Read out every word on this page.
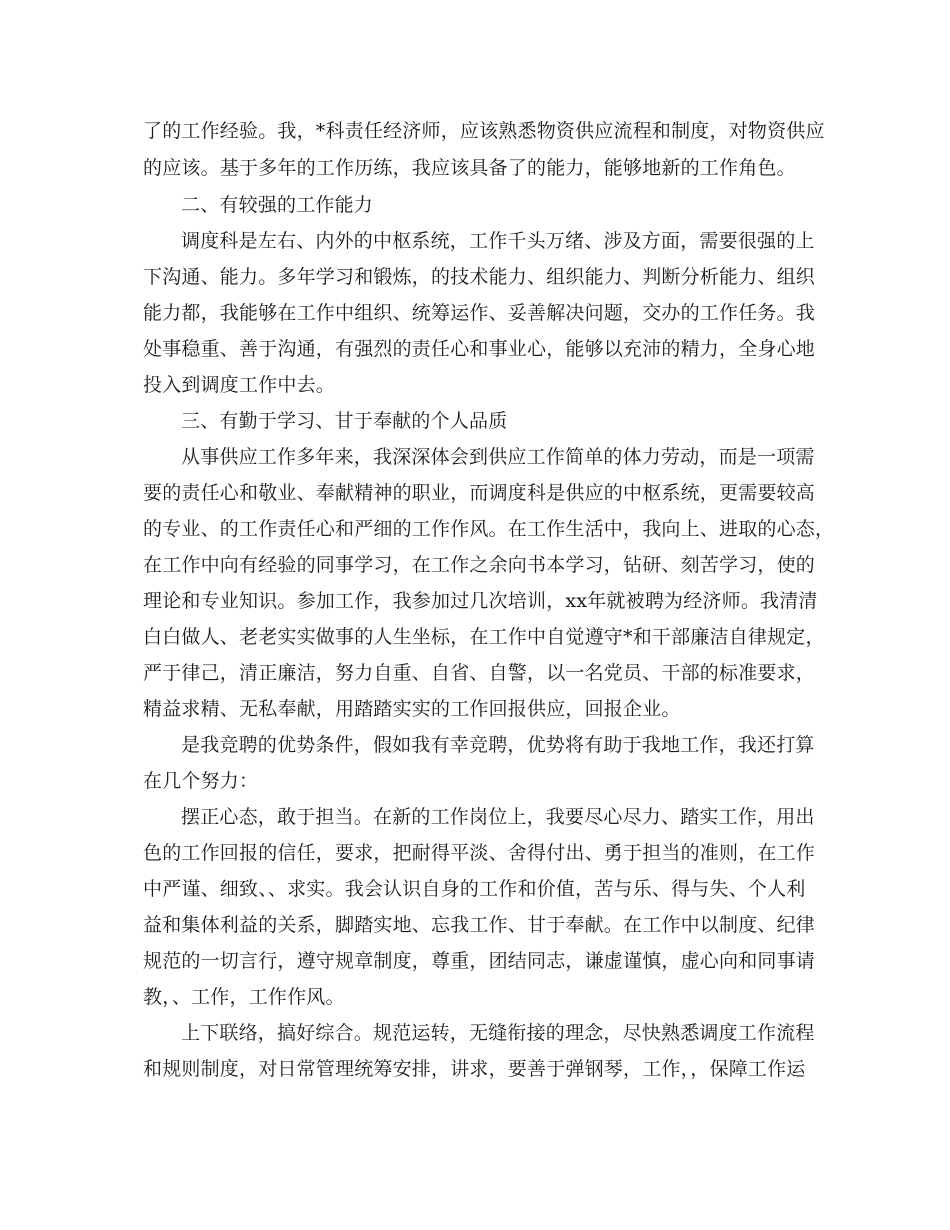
了的工作经验。我，*科责任经济师，应该熟悉物资供应流程和制度，对物资供应
的应该。基于多年的工作历练，我应该具备了的能力，能够地新的工作角色。
二、有较强的工作能力
调度科是左右、内外的中枢系统，工作千头万绪、涉及方面，需要很强的上
下沟通、能力。多年学习和锻炼，的技术能力、组织能力、判断分析能力、组织
能力都，我能够在工作中组织、统筹运作、妥善解决问题，交办的工作任务。我
处事稳重、善于沟通，有强烈的责任心和事业心，能够以充沛的精力，全身心地
投入到调度工作中去。
三、有勤于学习、甘于奉献的个人品质
从事供应工作多年来，我深深体会到供应工作简单的体力劳动，而是一项需
要的责任心和敬业、奉献精神的职业，而调度科是供应的中枢系统，更需要较高
的专业、的工作责任心和严细的工作作风。在工作生活中，我向上、进取的心态，
在工作中向有经验的同事学习，在工作之余向书本学习，钻研、刻苦学习，使的
理论和专业知识。参加工作，我参加过几次培训，xx年就被聘为经济师。我清清
白白做人、老老实实做事的人生坐标，在工作中自觉遵守*和干部廉洁自律规定，
严于律己，清正廉洁，努力自重、自省、自警，以一名党员、干部的标准要求，
精益求精、无私奉献，用踏踏实实的工作回报供应，回报企业。
是我竞聘的优势条件，假如我有幸竞聘，优势将有助于我地工作，我还打算
在几个努力：
摆正心态，敢于担当。在新的工作岗位上，我要尽心尽力、踏实工作，用出
色的工作回报的信任，要求，把耐得平淡、舍得付出、勇于担当的准则，在工作
中严谨、细致、、求实。我会认识自身的工作和价值，苦与乐、得与失、个人利
益和集体利益的关系，脚踏实地、忘我工作、甘于奉献。在工作中以制度、纪律
规范的一切言行，遵守规章制度，尊重，团结同志，谦虚谨慎，虚心向和同事请
教，、工作，工作作风。
上下联络，搞好综合。规范运转，无缝衔接的理念，尽快熟悉调度工作流程
和规则制度，对日常管理统筹安排，讲求，要善于弹钢琴，工作，，保障工作运
